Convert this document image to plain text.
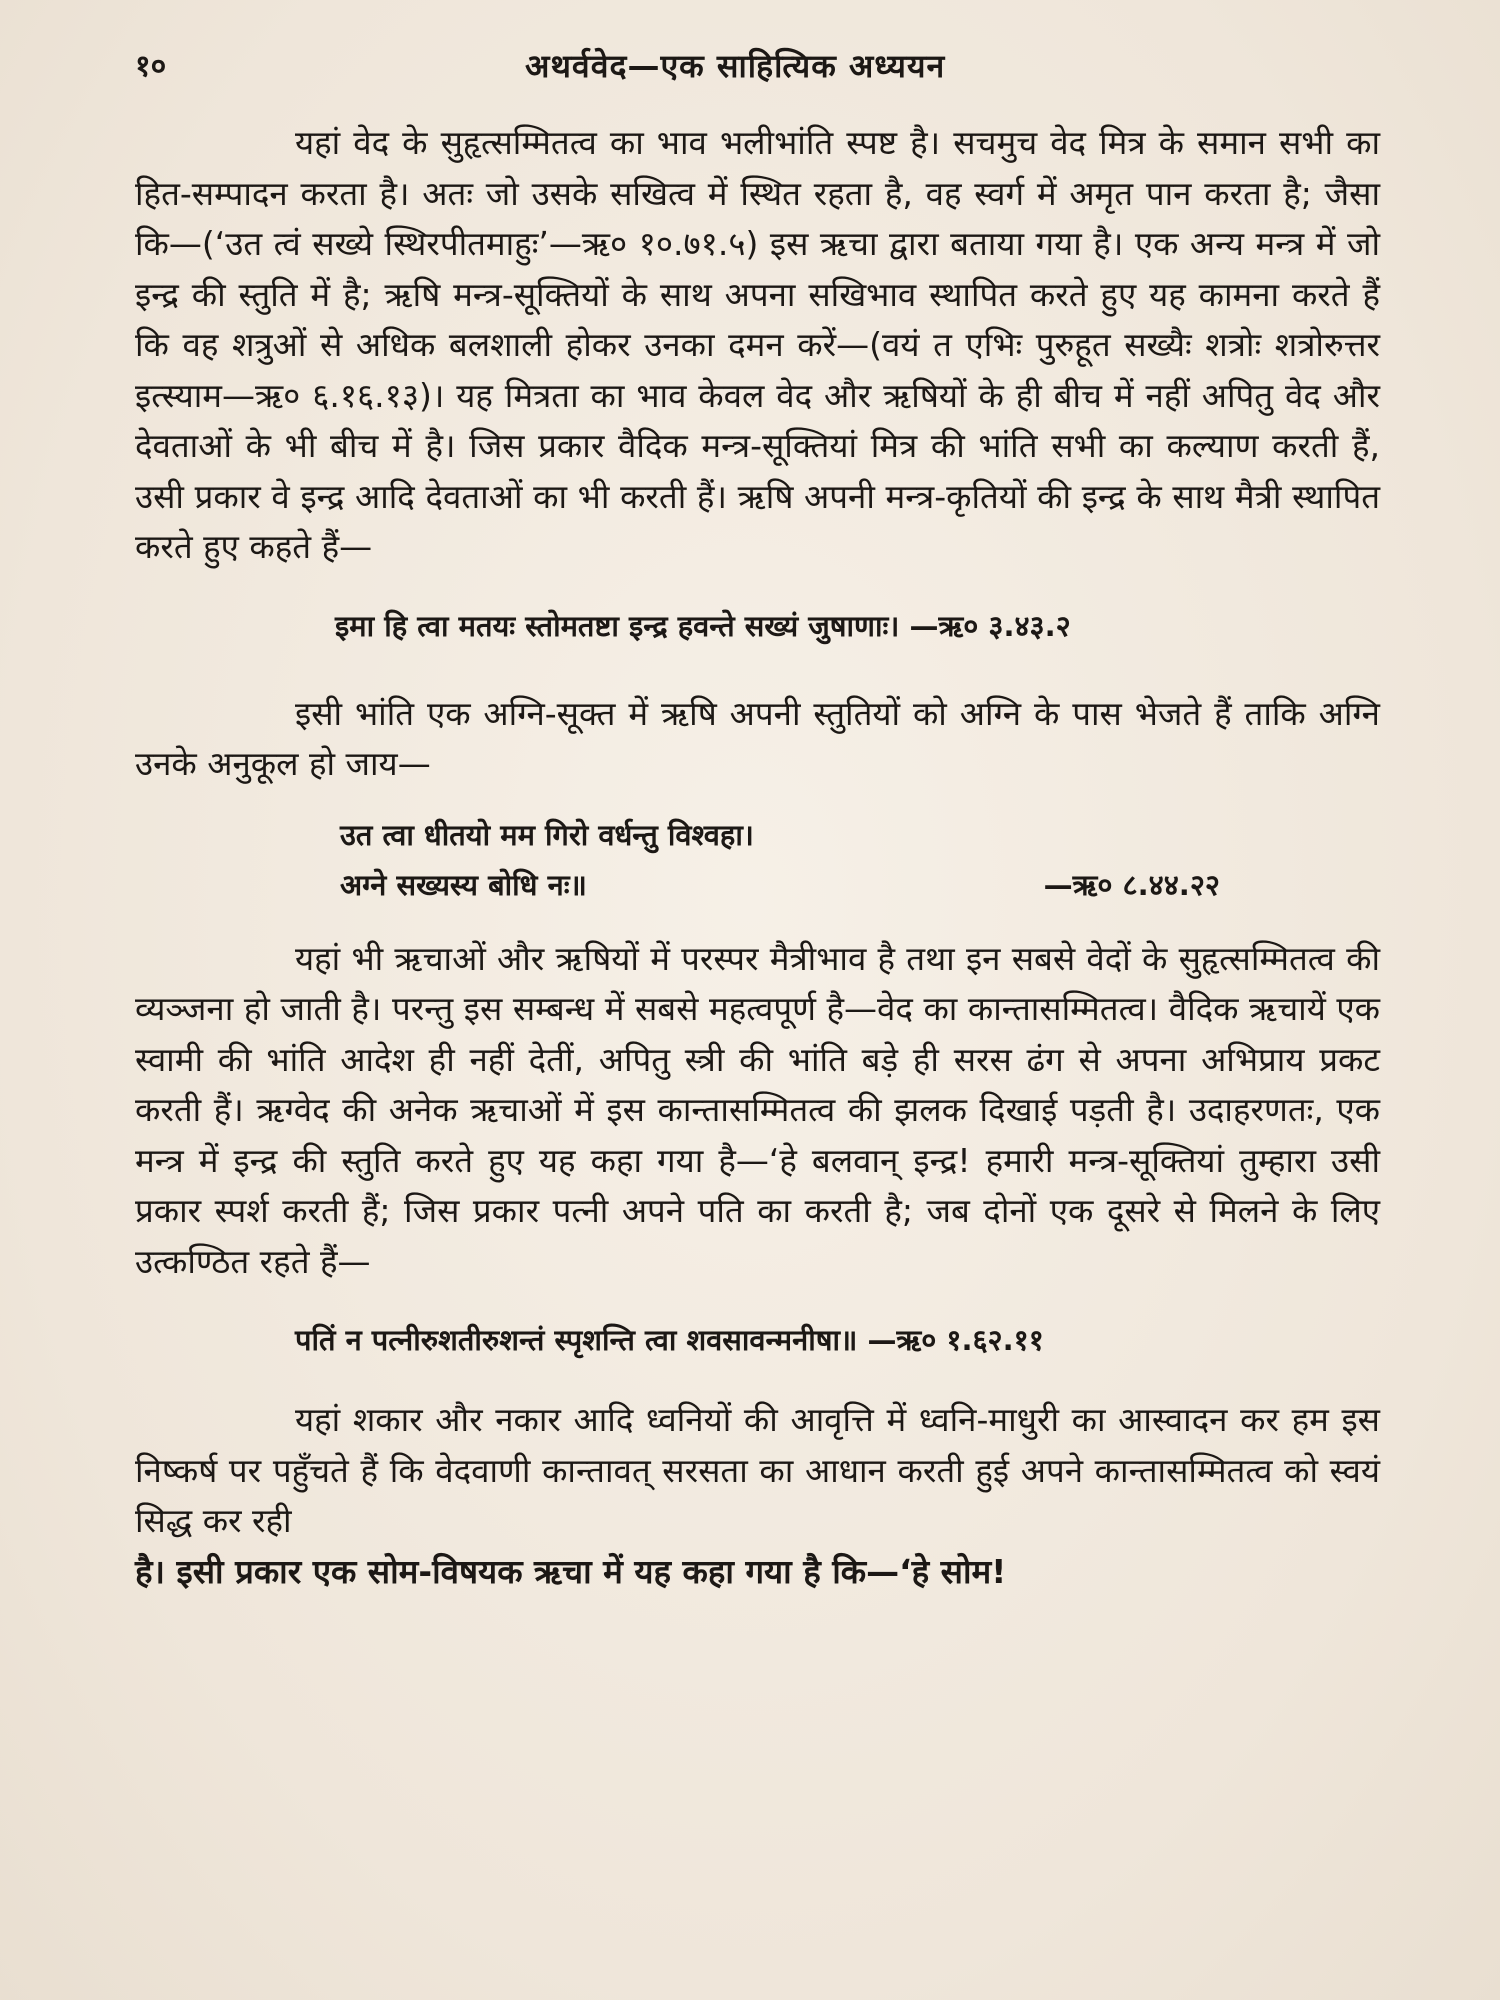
१०	अथर्ववेद—एक साहित्यिक अध्ययन

यहां वेद के सुहृत्सम्मितत्व का भाव भलीभांति स्पष्ट है। सचमुच वेद मित्र के समान सभी का हित-सम्पादन करता है। अतः जो उसके सखित्व में स्थित रहता है, वह स्वर्ग में अमृत पान करता है; जैसा कि—(‘उत त्वं सख्ये स्थिरपीतमाहुः’—ऋ० १०.७१.५) इस ऋचा द्वारा बताया गया है। एक अन्य मन्त्र में जो इन्द्र की स्तुति में है; ऋषि मन्त्र-सूक्तियों के साथ अपना सखिभाव स्थापित करते हुए यह कामना करते हैं कि वह शत्रुओं से अधिक बलशाली होकर उनका दमन करें—(वयं त एभिः पुरुहूत सख्यैः शत्रोः शत्रोरुत्तर इत्स्याम—ऋ० ६.१६.१३)। यह मित्रता का भाव केवल वेद और ऋषियों के ही बीच में नहीं अपितु वेद और देवताओं के भी बीच में है। जिस प्रकार वैदिक मन्त्र-सूक्तियां मित्र की भांति सभी का कल्याण करती हैं, उसी प्रकार वे इन्द्र आदि देवताओं का भी करती हैं। ऋषि अपनी मन्त्र-कृतियों की इन्द्र के साथ मैत्री स्थापित करते हुए कहते हैं—

इमा हि त्वा मतयः स्तोमतष्टा इन्द्र हवन्ते सख्यं जुषाणाः। —ऋ० ३.४३.२

इसी भांति एक अग्नि-सूक्त में ऋषि अपनी स्तुतियों को अग्नि के पास भेजते हैं ताकि अग्नि उनके अनुकूल हो जाय—

उत त्वा धीतयो मम गिरो वर्धन्तु विश्वहा।

अग्ने सख्यस्य बोधि नः॥	—ऋ० ८.४४.२२

यहां भी ऋचाओं और ऋषियों में परस्पर मैत्रीभाव है तथा इन सबसे वेदों के सुहृत्सम्मितत्व की व्यञ्जना हो जाती है। परन्तु इस सम्बन्ध में सबसे महत्वपूर्ण है—वेद का कान्तासम्मितत्व। वैदिक ऋचायें एक स्वामी की भांति आदेश ही नहीं देतीं, अपितु स्त्री की भांति बड़े ही सरस ढंग से अपना अभिप्राय प्रकट करती हैं। ऋग्वेद की अनेक ऋचाओं में इस कान्तासम्मितत्व की झलक दिखाई पड़ती है। उदाहरणतः, एक मन्त्र में इन्द्र की स्तुति करते हुए यह कहा गया है—‘हे बलवान् इन्द्र! हमारी मन्त्र-सूक्तियां तुम्हारा उसी प्रकार स्पर्श करती हैं; जिस प्रकार पत्नी अपने पति का करती है; जब दोनों एक दूसरे से मिलने के लिए उत्कण्ठित रहते हैं—

पतिं न पत्नीरुशतीरुशन्तं स्पृशन्ति त्वा शवसावन्मनीषा॥ —ऋ० १.६२.११

यहां शकार और नकार आदि ध्वनियों की आवृत्ति में ध्वनि-माधुरी का आस्वादन कर हम इस निष्कर्ष पर पहुँचते हैं कि वेदवाणी कान्तावत् सरसता का आधान करती हुई अपने कान्तासम्मितत्व को स्वयं सिद्ध कर रही

है। इसी प्रकार एक सोम-विषयक ऋचा में यह कहा गया है कि—‘हे सोम!
